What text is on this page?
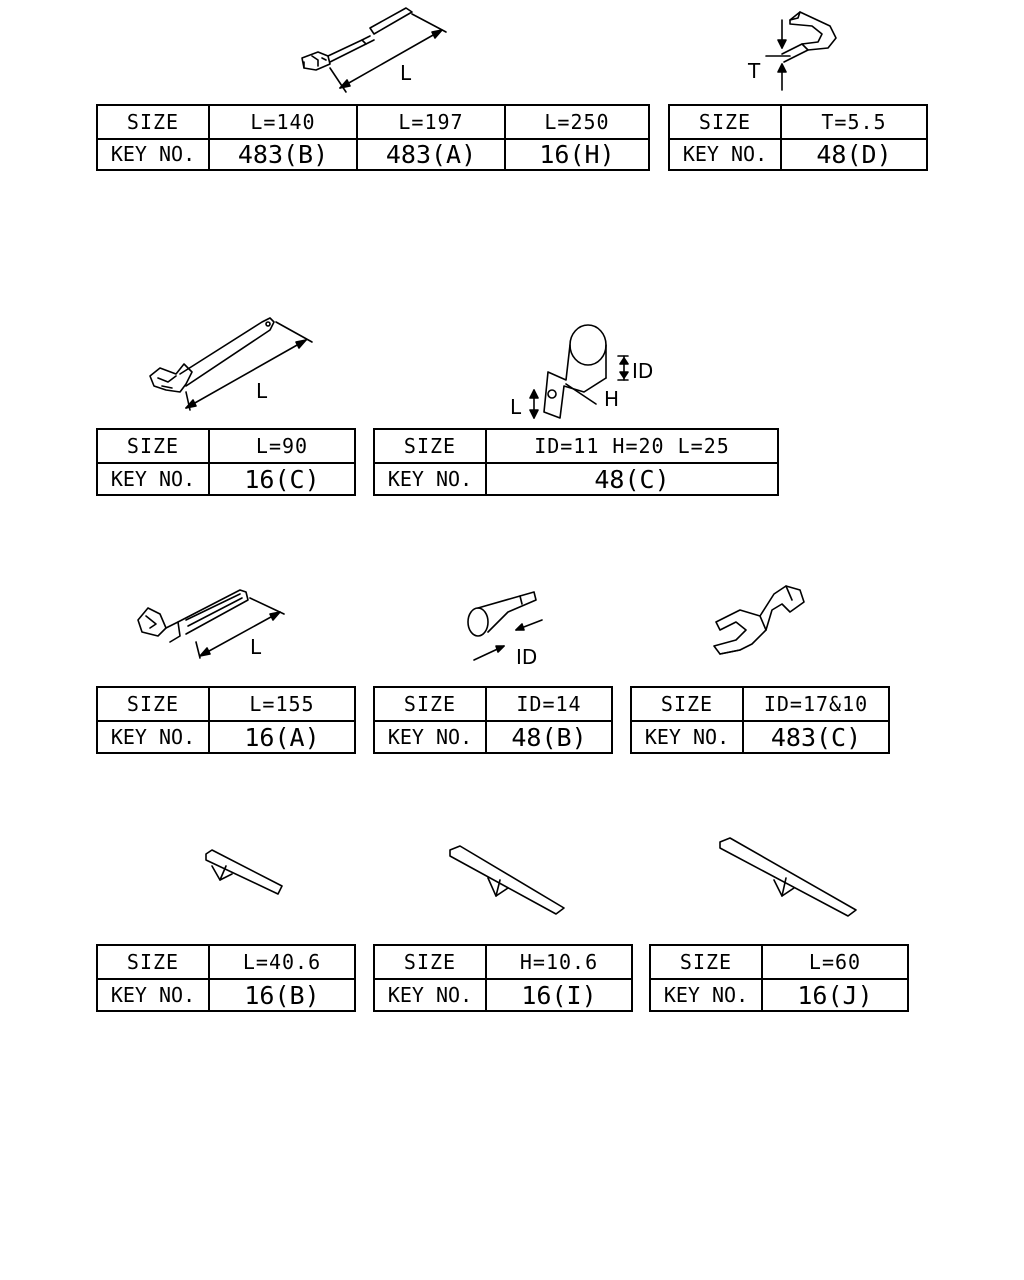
L	T
L
ID
H
L
L	ID
SIZE	L=140	L=197	L=250
KEY NO.	483(B)	483(A)	16(H)
SIZE	T=5.5
KEY NO.	48(D)
SIZE	L=90
KEY NO.	16(C)
SIZE	ID=11 H=20 L=25
KEY NO.	48(C)
SIZE	L=155
KEY NO.	16(A)
SIZE	ID=14
KEY NO.	48(B)
SIZE	ID=17&10
KEY NO.	483(C)
SIZE	L=40.6
KEY NO.	16(B)
SIZE	H=10.6
KEY NO.	16(I)
SIZE	L=60
KEY NO.	16(J)
